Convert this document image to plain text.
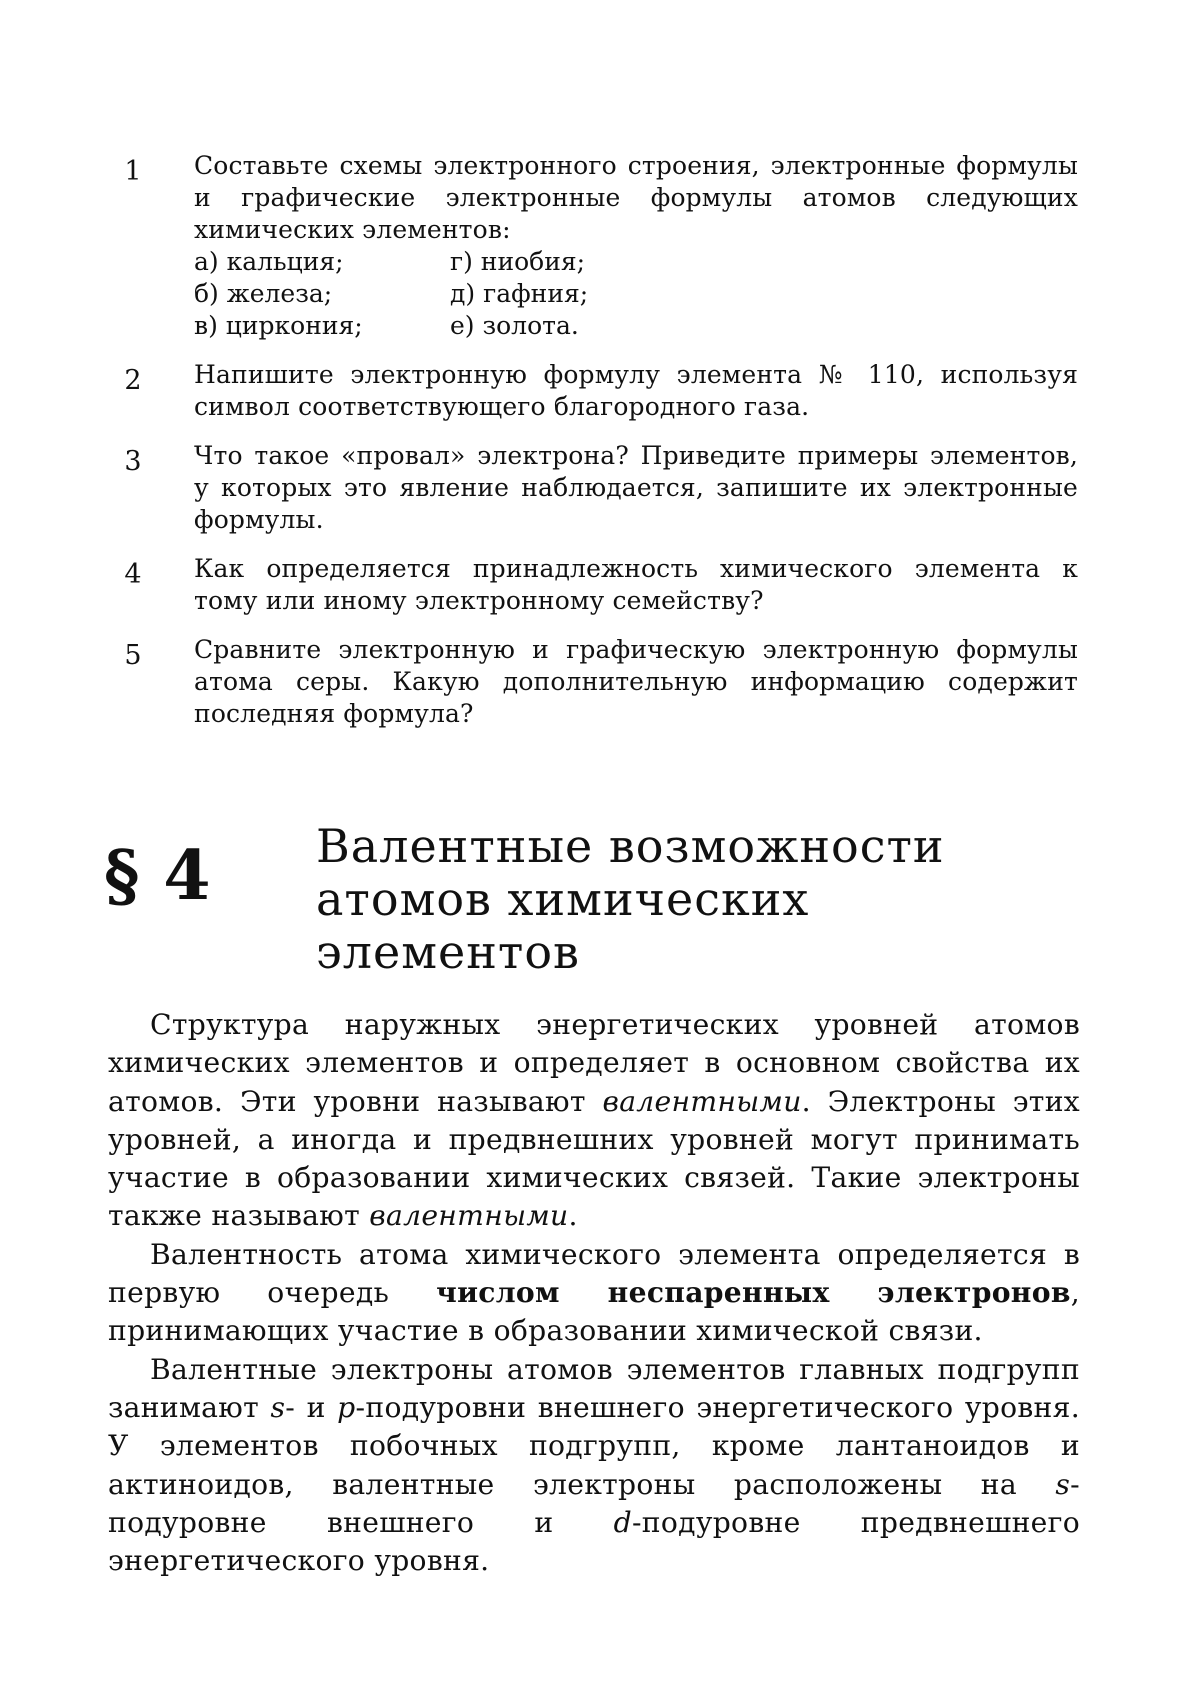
1 Составьте схемы электронного строения, электронные формулы и графические электронные формулы атомов следующих химических элементов:
а) кальция;	г) ниобия;
б) железа;	д) гафния;
в) циркония;	е) золота.
2 Напишите электронную формулу элемента № 110, используя символ соответствующего благородного газа.
3 Что такое «провал» электрона? Приведите примеры элементов, у которых это явление наблюдается, запишите их электронные формулы.
4 Как определяется принадлежность химического элемента к тому или иному электронному семейству?
5 Сравните электронную и графическую электронную формулы атома серы. Какую дополнительную информацию содержит последняя формула?
§ 4 Валентные возможности атомов химических элементов

Структура наружных энергетических уровней атомов химических элементов и определяет в основном свойства их атомов. Эти уровни называют валентными. Электроны этих уровней, а иногда и предвнешних уровней могут принимать участие в образовании химических связей. Такие электроны также называют валентными.

Валентность атома химического элемента определяется в первую очередь числом неспаренных электронов, принимающих участие в образовании химической связи.

Валентные электроны атомов элементов главных подгрупп занимают s- и p-подуровни внешнего энергетического уровня. У элементов побочных подгрупп, кроме лантаноидов и актиноидов, валентные электроны расположены на s-подуровне внешнего и d-подуровне предвнешнего энергетического уровня.
